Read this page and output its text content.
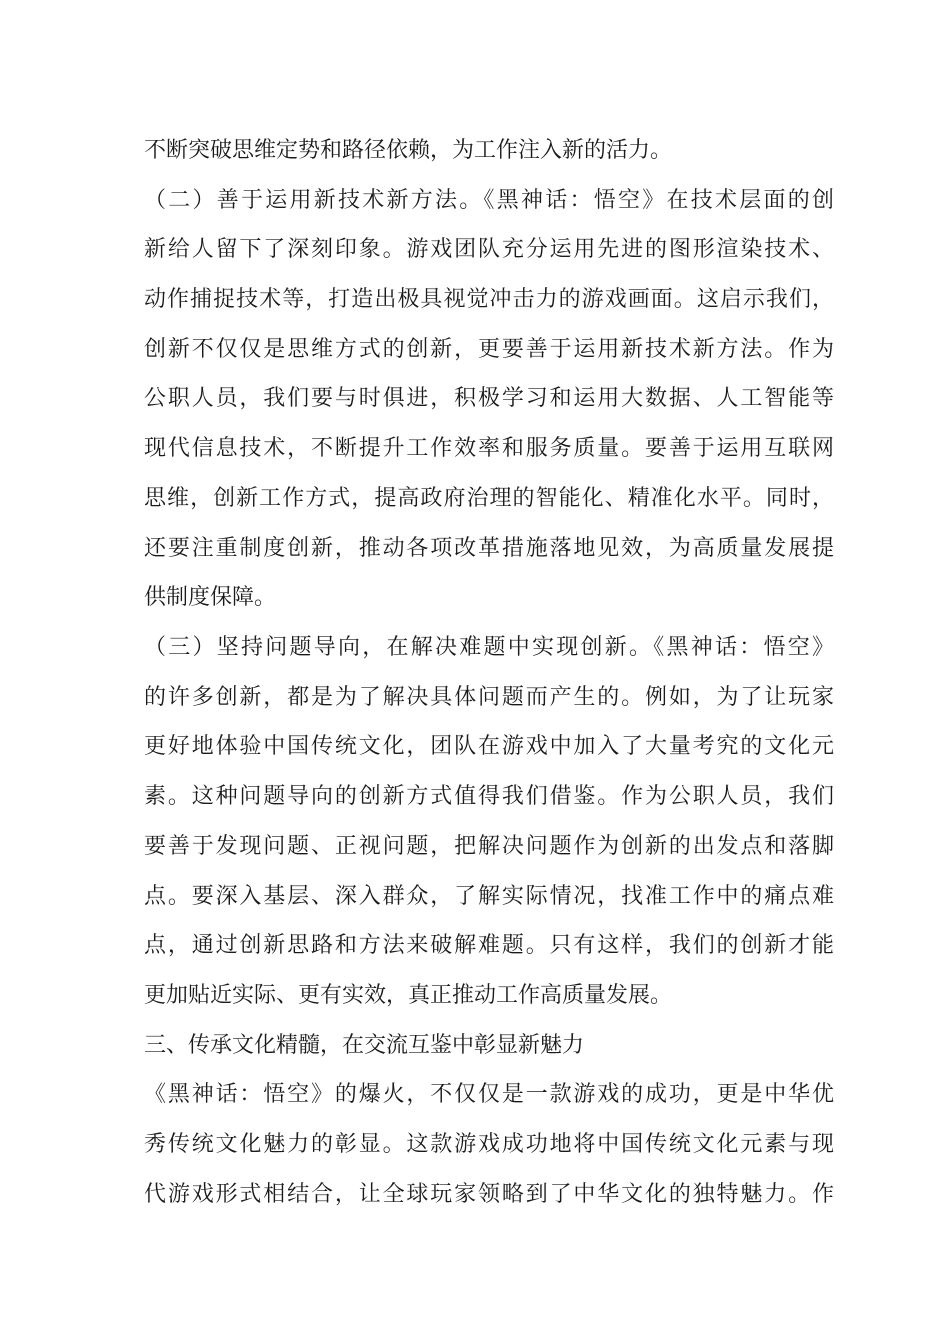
不断突破思维定势和路径依赖，为工作注入新的活力。
（二）善于运用新技术新方法。《黑神话：悟空》在技术层面的创
新给人留下了深刻印象。游戏团队充分运用先进的图形渲染技术、
动作捕捉技术等，打造出极具视觉冲击力的游戏画面。这启示我们，
创新不仅仅是思维方式的创新，更要善于运用新技术新方法。作为
公职人员，我们要与时俱进，积极学习和运用大数据、人工智能等
现代信息技术，不断提升工作效率和服务质量。要善于运用互联网
思维，创新工作方式，提高政府治理的智能化、精准化水平。同时，
还要注重制度创新，推动各项改革措施落地见效，为高质量发展提
供制度保障。
（三）坚持问题导向，在解决难题中实现创新。《黑神话：悟空》
的许多创新，都是为了解决具体问题而产生的。例如，为了让玩家
更好地体验中国传统文化，团队在游戏中加入了大量考究的文化元
素。这种问题导向的创新方式值得我们借鉴。作为公职人员，我们
要善于发现问题、正视问题，把解决问题作为创新的出发点和落脚
点。要深入基层、深入群众，了解实际情况，找准工作中的痛点难
点，通过创新思路和方法来破解难题。只有这样，我们的创新才能
更加贴近实际、更有实效，真正推动工作高质量发展。
三、传承文化精髓，在交流互鉴中彰显新魅力
《黑神话：悟空》的爆火，不仅仅是一款游戏的成功，更是中华优
秀传统文化魅力的彰显。这款游戏成功地将中国传统文化元素与现
代游戏形式相结合，让全球玩家领略到了中华文化的独特魅力。作
